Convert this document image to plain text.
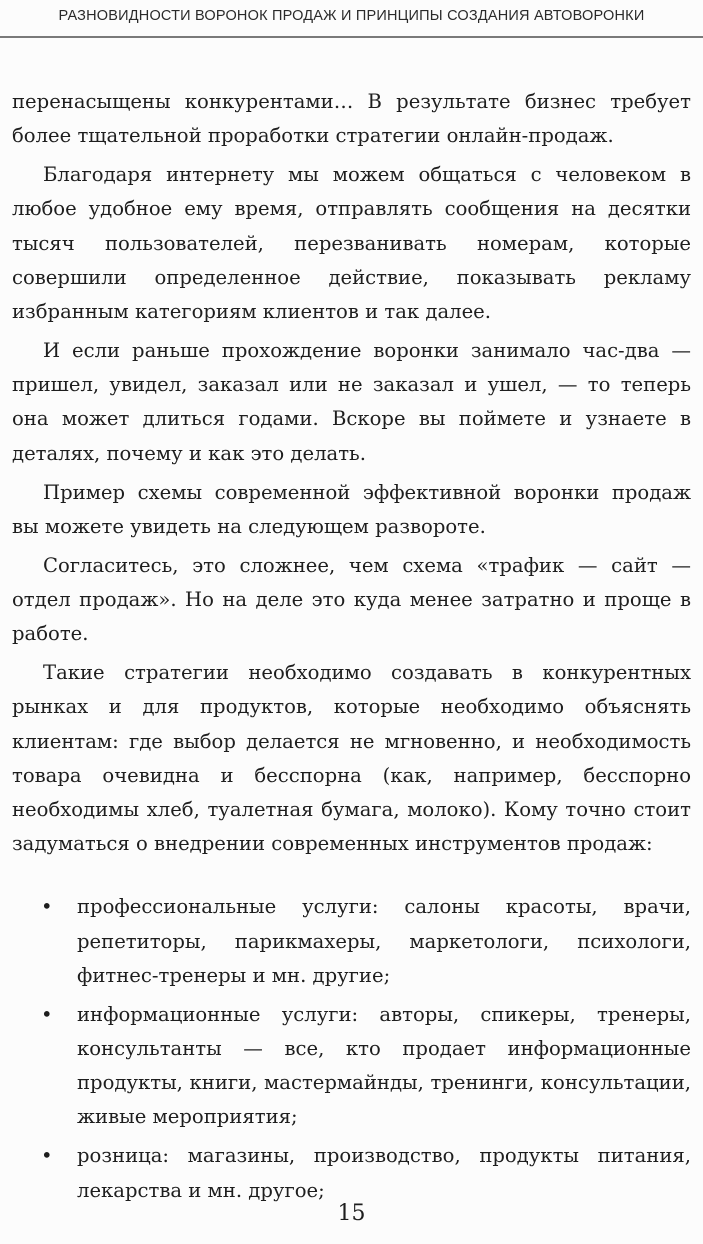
РАЗНОВИДНОСТИ ВОРОНОК ПРОДАЖ И ПРИНЦИПЫ СОЗДАНИЯ АВТОВОРОНКИ

перенасыщены конкурентами… В результате бизнес требует более тщательной проработки стратегии онлайн-продаж.

Благодаря интернету мы можем общаться с человеком в любое удобное ему время, отправлять сообщения на десятки тысяч пользователей, перезванивать номерам, которые совершили определенное действие, показывать рекламу избранным категориям клиентов и так далее.

И если раньше прохождение воронки занимало час-два — пришел, увидел, заказал или не заказал и ушел, — то теперь она может длиться годами. Вскоре вы поймете и узнаете в деталях, почему и как это делать.

Пример схемы современной эффективной воронки продаж вы можете увидеть на следующем развороте.

Согласитесь, это сложнее, чем схема «трафик — сайт — отдел продаж». Но на деле это куда менее затратно и проще в работе.

Такие стратегии необходимо создавать в конкурентных рынках и для продуктов, которые необходимо объяснять клиентам: где выбор делается не мгновенно, и необходимость товара очевидна и бесспорна (как, например, бесспорно необходимы хлеб, туалетная бумага, молоко). Кому точно стоит задуматься о внедрении современных инструментов продаж:

• профессиональные услуги: салоны красоты, врачи, репетиторы, парикмахеры, маркетологи, психологи, фитнес-тренеры и мн. другие;
• информационные услуги: авторы, спикеры, тренеры, консультанты — все, кто продает информационные продукты, книги, мастермайнды, тренинги, консультации, живые мероприятия;
• розница: магазины, производство, продукты питания, лекарства и мн. другое;
15
